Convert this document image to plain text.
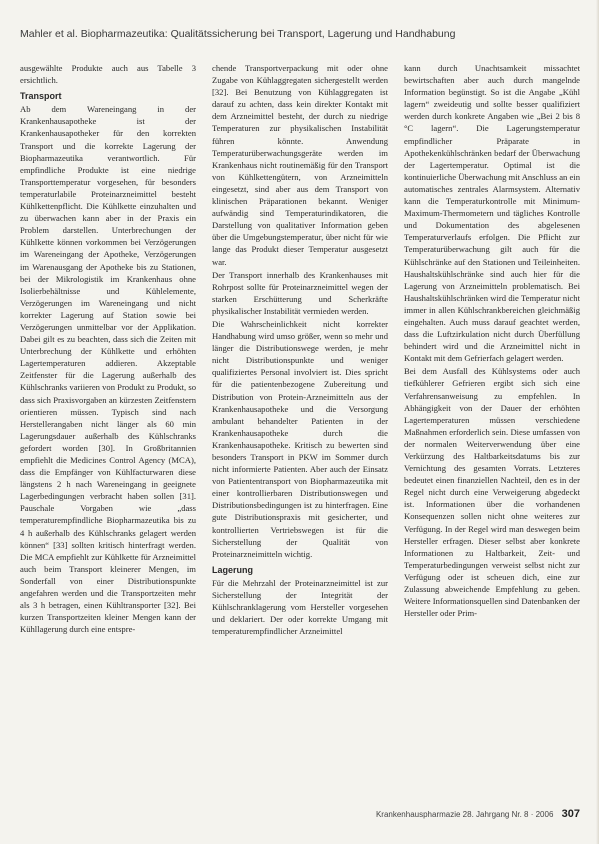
Mahler et al. Biopharmazeutika: Qualitätssicherung bei Transport, Lagerung und Handhabung

ausgewählte Produkte auch aus Tabelle 3 ersichtlich.

Transport

Ab dem Wareneingang in der Krankenhausapotheke ist der Krankenhausapotheker für den korrekten Transport und die korrekte Lagerung der Biopharmazeutika verantwortlich. Für empfindliche Produkte ist eine niedrige Transporttemperatur vorgesehen, für besonders temperaturlabile Proteinarzneimittel besteht Kühlkettenpflicht. Die Kühlkette einzuhalten und zu überwachen kann aber in der Praxis ein Problem darstellen. Unterbrechungen der Kühlkette können vorkommen bei Verzögerungen im Wareneingang der Apotheke, Verzögerungen im Warenausgang der Apotheke bis zu Stationen, bei der Mikrologistik im Krankenhaus ohne Isolierbehältnisse und Kühlelemente, Verzögerungen im Wareneingang und nicht korrekter Lagerung auf Station sowie bei Verzögerungen unmittelbar vor der Applikation. Dabei gilt es zu beachten, dass sich die Zeiten mit Unterbrechung der Kühlkette und erhöhten Lagertemperaturen addieren. Akzeptable Zeitfenster für die Lagerung außerhalb des Kühlschranks variieren von Produkt zu Produkt, so dass sich Praxisvorgaben an kürzesten Zeitfenstern orientieren müssen. Typisch sind nach Herstellerangaben nicht länger als 60 min Lagerungsdauer außerhalb des Kühlschranks gefordert worden [30]. In Großbritannien empfiehlt die Medicines Control Agency (MCA), dass die Empfänger von Kühlfacturwaren diese längstens 2 h nach Wareneingang in geeignete Lagerbedingungen verbracht haben sollen [31]. Pauschale Vorgaben wie „dass temperaturempfindliche Biopharmazeutika bis zu 4 h außerhalb des Kühlschranks gelagert werden können“ [33] sollten kritisch hinterfragt werden. Die MCA empfiehlt zur Kühlkette für Arzneimittel auch beim Transport kleinerer Mengen, im Sonderfall von einer Distributionspunkte angefahren werden und die Transportzeiten mehr als 3 h betragen, einen Kühltransporter [32]. Bei kurzen Transportzeiten kleiner Mengen kann der Kühllagerung durch eine entspre-

chende Transportverpackung mit oder ohne Zugabe von Kühlaggregaten sichergestellt werden [32]. Bei Benutzung von Kühlaggregaten ist darauf zu achten, dass kein direkter Kontakt mit dem Arzneimittel besteht, der durch zu niedrige Temperaturen zur physikalischen Instabilität führen könnte. Anwendung Temperaturüberwachungsgeräte werden im Krankenhaus nicht routinemäßig für den Transport von Kühlkettengütern, von Arzneimitteln eingesetzt, sind aber aus dem Transport von klinischen Präparationen bekannt. Weniger aufwändig sind Temperaturindikatoren, die Darstellung von qualitativer Information geben über die Umgebungstemperatur, über nicht für wie lange das Produkt dieser Temperatur ausgesetzt war.

Der Transport innerhalb des Krankenhauses mit Rohrpost sollte für Proteinarzneimittel wegen der starken Erschütterung und Scherkräfte physikalischer Instabilität vermieden werden.

Die Wahrscheinlichkeit nicht korrekter Handhabung wird umso größer, wenn so mehr und länger die Distributionswege werden, je mehr nicht Distributionspunkte und weniger qualifiziertes Personal involviert ist. Dies spricht für die patientenbezogene Zubereitung und Distribution von Protein-Arzneimitteln aus der Krankenhausapotheke und die Versorgung ambulant behandelter Patienten in der Krankenhausapotheke durch die Krankenhausapotheke. Kritisch zu bewerten sind besonders Transport in PKW im Sommer durch nicht informierte Patienten. Aber auch der Einsatz von Patiententransport von Biopharmazeutika mit einer kontrollierbaren Distributionswegen und Distributionsbedingungen ist zu hinterfragen. Eine gute Distributionspraxis mit gesicherter, und kontrollierten Vertriebswegen ist für die Sicherstellung der Qualität von Proteinarzneimitteln wichtig.

Lagerung

Für die Mehrzahl der Proteinarzneimittel ist zur Sicherstellung der Integrität der Kühlschranklagerung vom Hersteller vorgesehen und deklariert. Der oder korrekte Umgang mit temperaturempfindlicher Arzneimittel

kann durch Unachtsamkeit missachtet bewirtschaften aber auch durch mangelnde Information begünstigt. So ist die Angabe „Kühl lagern“ zweideutig und sollte besser qualifiziert werden durch konkrete Angaben wie „Bei 2 bis 8 °C lagern“. Die Lagerungstemperatur empfindlicher Präparate in Apothekenkühlschränken bedarf der Überwachung der Lagertemperatur. Optimal ist die kontinuierliche Überwachung mit Anschluss an ein automatisches zentrales Alarmsystem. Alternativ kann die Temperaturkontrolle mit Minimum-Maximum-Thermometern und tägliches Kontrolle und Dokumentation des abgelesenen Temperaturverlaufs erfolgen. Die Pflicht zur Temperaturüberwachung gilt auch für die Kühlschränke auf den Stationen und Teileinheiten. Haushaltskühlschränke sind auch hier für die Lagerung von Arzneimitteln problematisch. Bei Haushaltskühlschränken wird die Temperatur nicht immer in allen Kühlschrankbereichen gleichmäßig eingehalten. Auch muss darauf geachtet werden, dass die Luftzirkulation nicht durch Überfüllung behindert wird und die Arzneimittel nicht in Kontakt mit dem Gefrierfach gelagert werden.

Bei dem Ausfall des Kühlsystems oder auch tiefkühlerer Gefrieren ergibt sich sich eine Verfahrensanweisung zu empfehlen. In Abhängigkeit von der Dauer der erhöhten Lagertemperaturen müssen verschiedene Maßnahmen erforderlich sein. Diese umfassen von der normalen Weiterverwendung über eine Verkürzung des Haltbarkeitsdatums bis zur Vernichtung des gesamten Vorrats. Letzteres bedeutet einen finanziellen Nachteil, den es in der Regel nicht durch eine Verweigerung abgedeckt ist. Informationen über die vorhandenen Konsequenzen sollen nicht ohne weiteres zur Verfügung. In der Regel wird man deswegen beim Hersteller erfragen. Dieser selbst aber konkrete Informationen zu Haltbarkeit, Zeit- und Temperaturbedingungen verweist selbst nicht zur Verfügung oder ist scheuen dich, eine zur Zulassung abweichende Empfehlung zu geben. Weitere Informationsquellen sind Datenbanken der Hersteller oder Prim-

Krankenhauspharmazie 28. Jahrgang Nr. 8 · 2006 307
